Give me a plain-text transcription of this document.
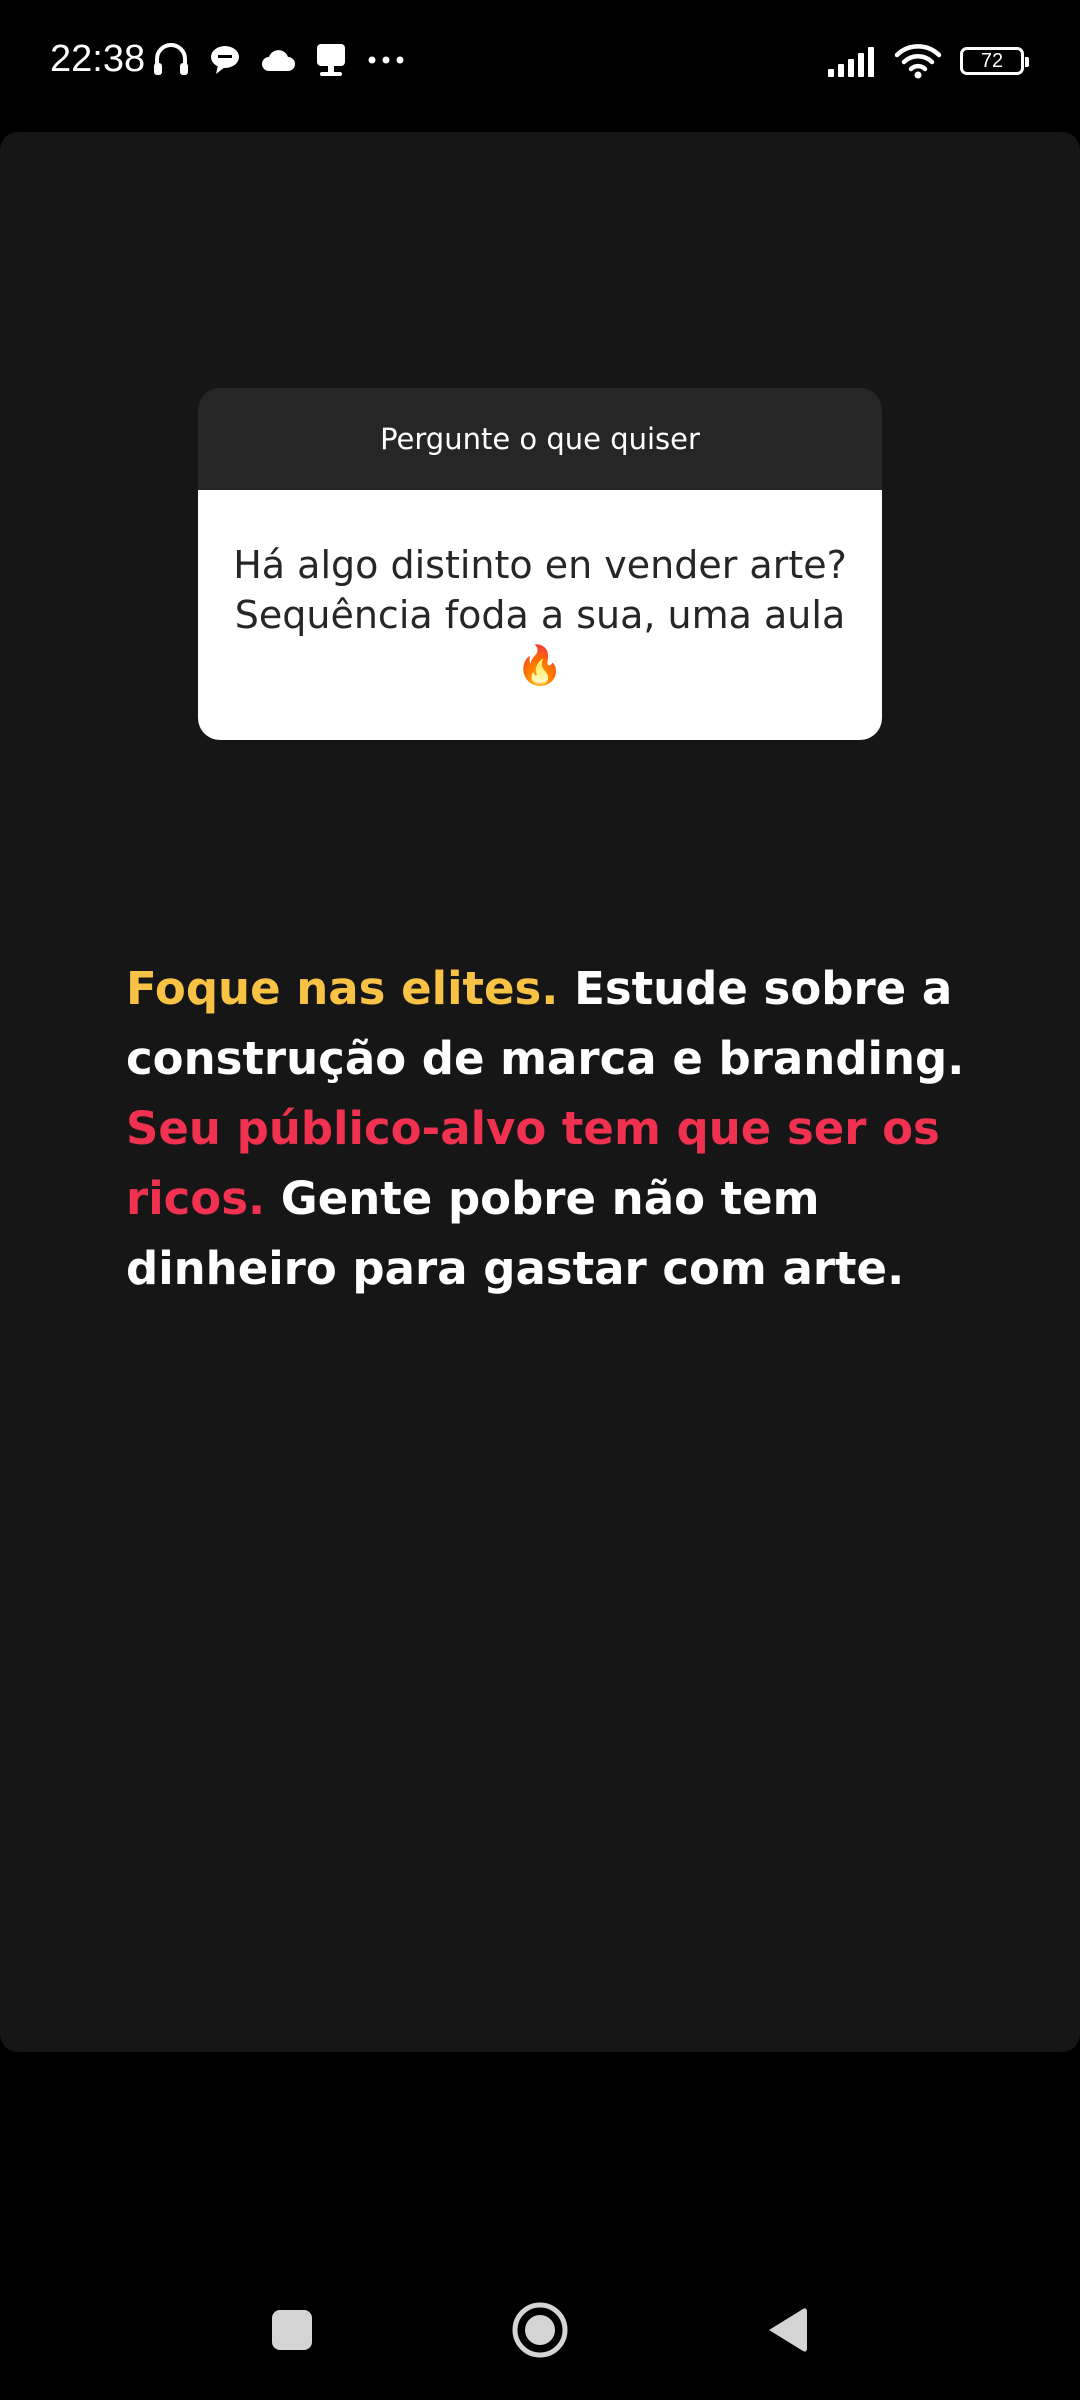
22:38	72
Pergunte o que quiser
Há algo distinto en vender arte?
Sequência foda a sua, uma aula
🔥
Foque nas elites. Estude sobre a construção de marca e branding. Seu público-alvo tem que ser os ricos. Gente pobre não tem dinheiro para gastar com arte.
